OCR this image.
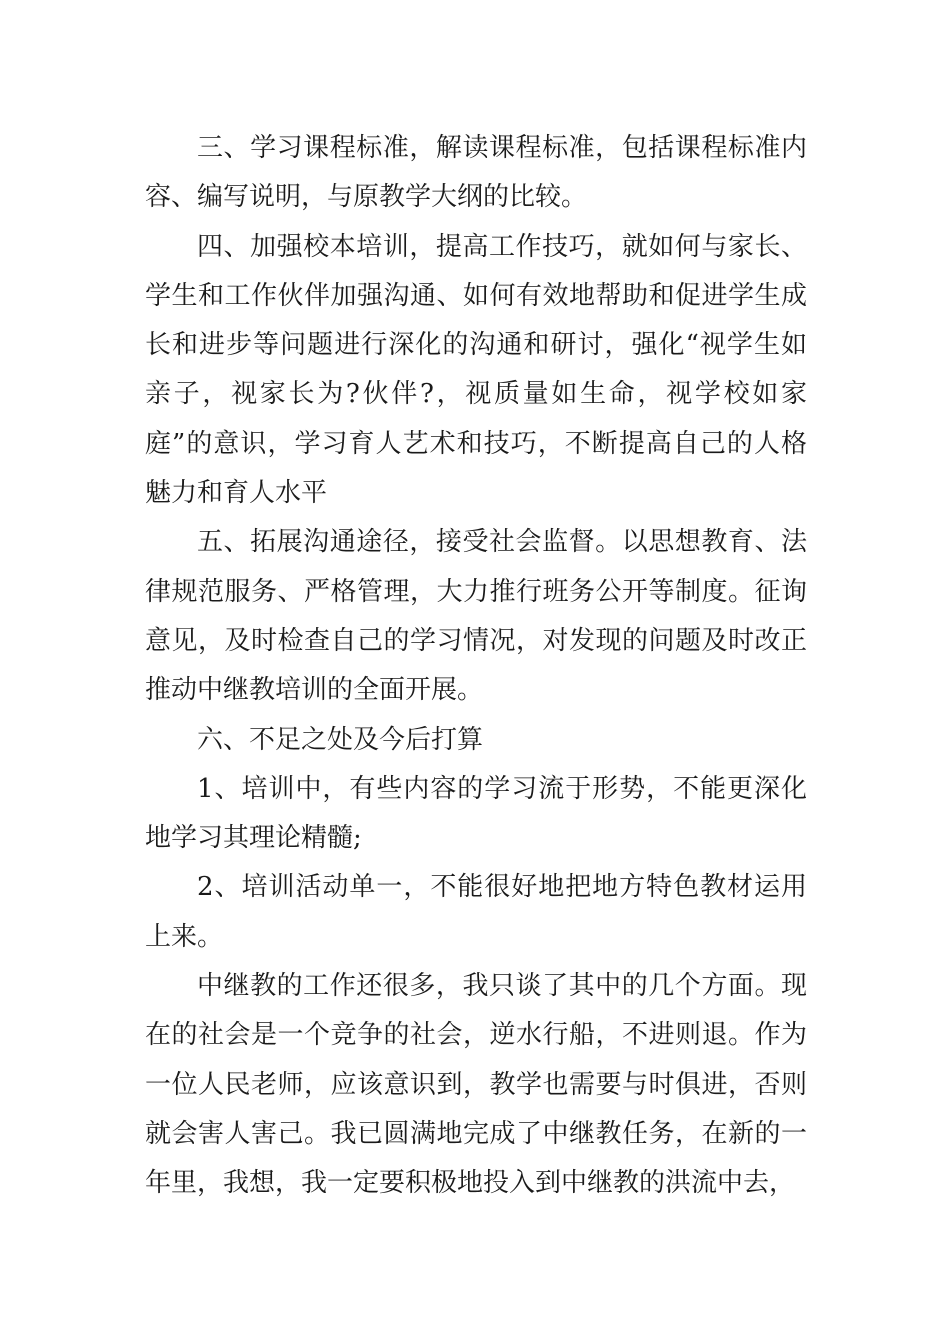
三、学习课程标准，解读课程标准，包括课程标准内容、编写说明，与原教学大纲的比较。

四、加强校本培训，提高工作技巧，就如何与家长、学生和工作伙伴加强沟通、如何有效地帮助和促进学生成长和进步等问题进行深化的沟通和研讨，强化“视学生如亲子，视家长为?伙伴?，视质量如生命，视学校如家庭”的意识，学习育人艺术和技巧，不断提高自己的人格魅力和育人水平

五、拓展沟通途径，接受社会监督。以思想教育、法律规范服务、严格管理，大力推行班务公开等制度。征询意见，及时检查自己的学习情况，对发现的问题及时改正推动中继教培训的全面开展。

六、不足之处及今后打算

1、培训中，有些内容的学习流于形势，不能更深化地学习其理论精髓;

2、培训活动单一，不能很好地把地方特色教材运用上来。

中继教的工作还很多，我只谈了其中的几个方面。现在的社会是一个竞争的社会，逆水行船，不进则退。作为一位人民老师，应该意识到，教学也需要与时俱进，否则就会害人害己。我已圆满地完成了中继教任务，在新的一年里，我想，我一定要积极地投入到中继教的洪流中去，
